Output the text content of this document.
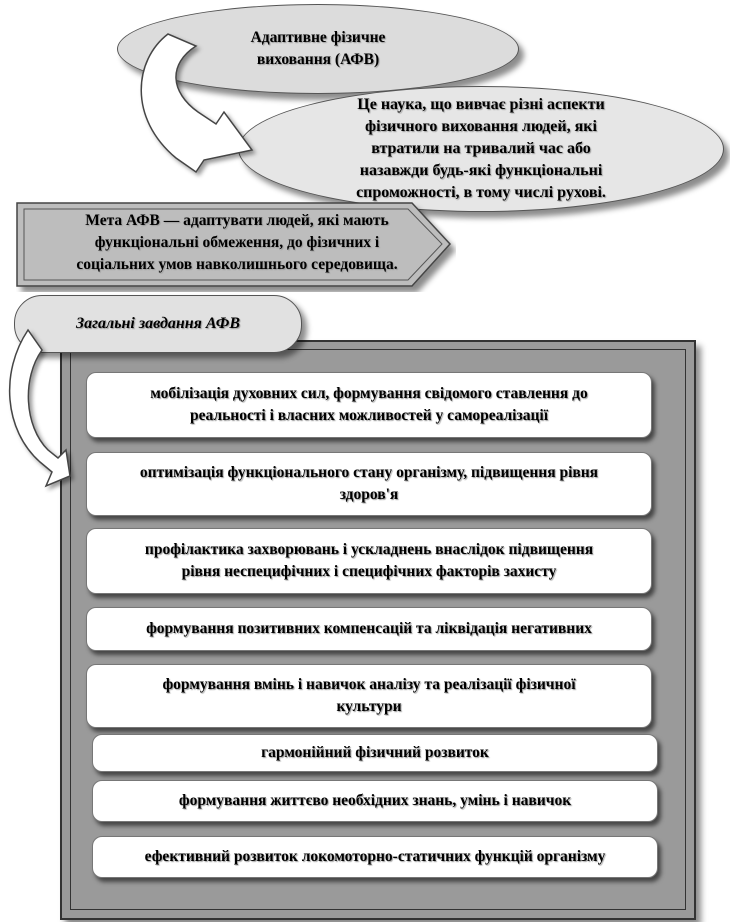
Адаптивне фізичне
виховання (АФВ)
Це наука, що вивчає різні аспекти
фізичного виховання людей, які
втратили на тривалий час або
назавжди будь-які функціональні
спроможності, в тому числі рухові.
Мета АФВ — адаптувати людей, які мають
функціональні обмеження, до фізичних і
соціальних умов навколишнього середовища.
мобілізація духовних сил, формування свідомого ставлення до
реальності і власних можливостей у самореалізації
оптимізація функціонального стану організму, підвищення рівня
здоров'я
профілактика захворювань і ускладнень внаслідок підвищення
рівня неспецифічних і специфічних факторів захисту
формування позитивних компенсацій та ліквідація негативних
формування вмінь і навичок аналізу та реалізації фізичної
культури
гармонійний фізичний розвиток
формування життєво необхідних знань, умінь і навичок
ефективний розвиток локомоторно-статичних функцій організму
Загальні завдання АФВ
